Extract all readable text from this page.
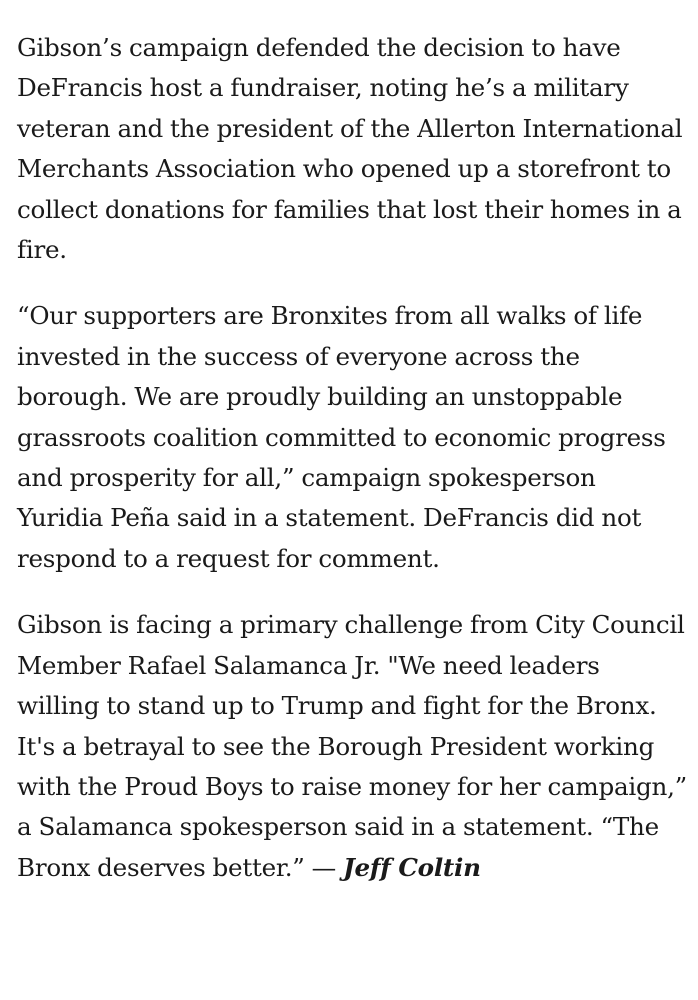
Gibson’s campaign defended the decision to have DeFrancis host a fundraiser, noting he’s a military veteran and the president of the Allerton International Merchants Association who opened up a storefront to collect donations for families that lost their homes in a fire.

“Our supporters are Bronxites from all walks of life invested in the success of everyone across the borough. We are proudly building an unstoppable grassroots coalition committed to economic progress and prosperity for all,” campaign spokesperson Yuridia Peña said in a statement. DeFrancis did not respond to a request for comment.

Gibson is facing a primary challenge from City Council Member Rafael Salamanca Jr. "We need leaders willing to stand up to Trump and fight for the Bronx. It's a betrayal to see the Borough President working with the Proud Boys to raise money for her campaign,” a Salamanca spokesperson said in a statement. “The Bronx deserves better.” — Jeff Coltin
